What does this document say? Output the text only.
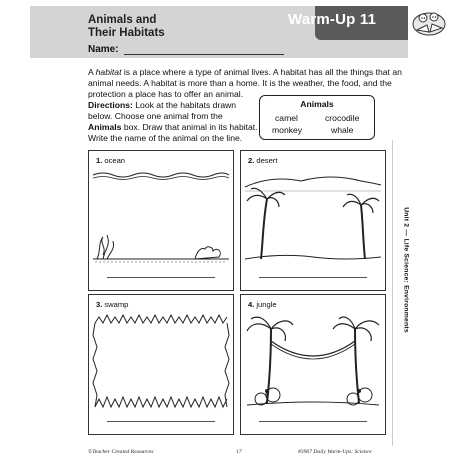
Animals and
Their Habitats
Warm-Up 11
Name:
A habitat is a place where a type of animal lives. A habitat has all the things that an animal needs. A habitat is more than a home. It is the weather, the food, and the protection a place has to offer an animal.
Directions: Look at the habitats drawn below. Choose one animal from the Animals box. Draw that animal in its habitat. Write the name of the animal on the line.
Animals
camel	crocodile
monkey	whale
Unit 2 — Life Science: Environments
1. ocean	2. desert
3. swamp	4. jungle
©Teacher Created Resources	17	#3967 Daily Warm-Ups: Science
